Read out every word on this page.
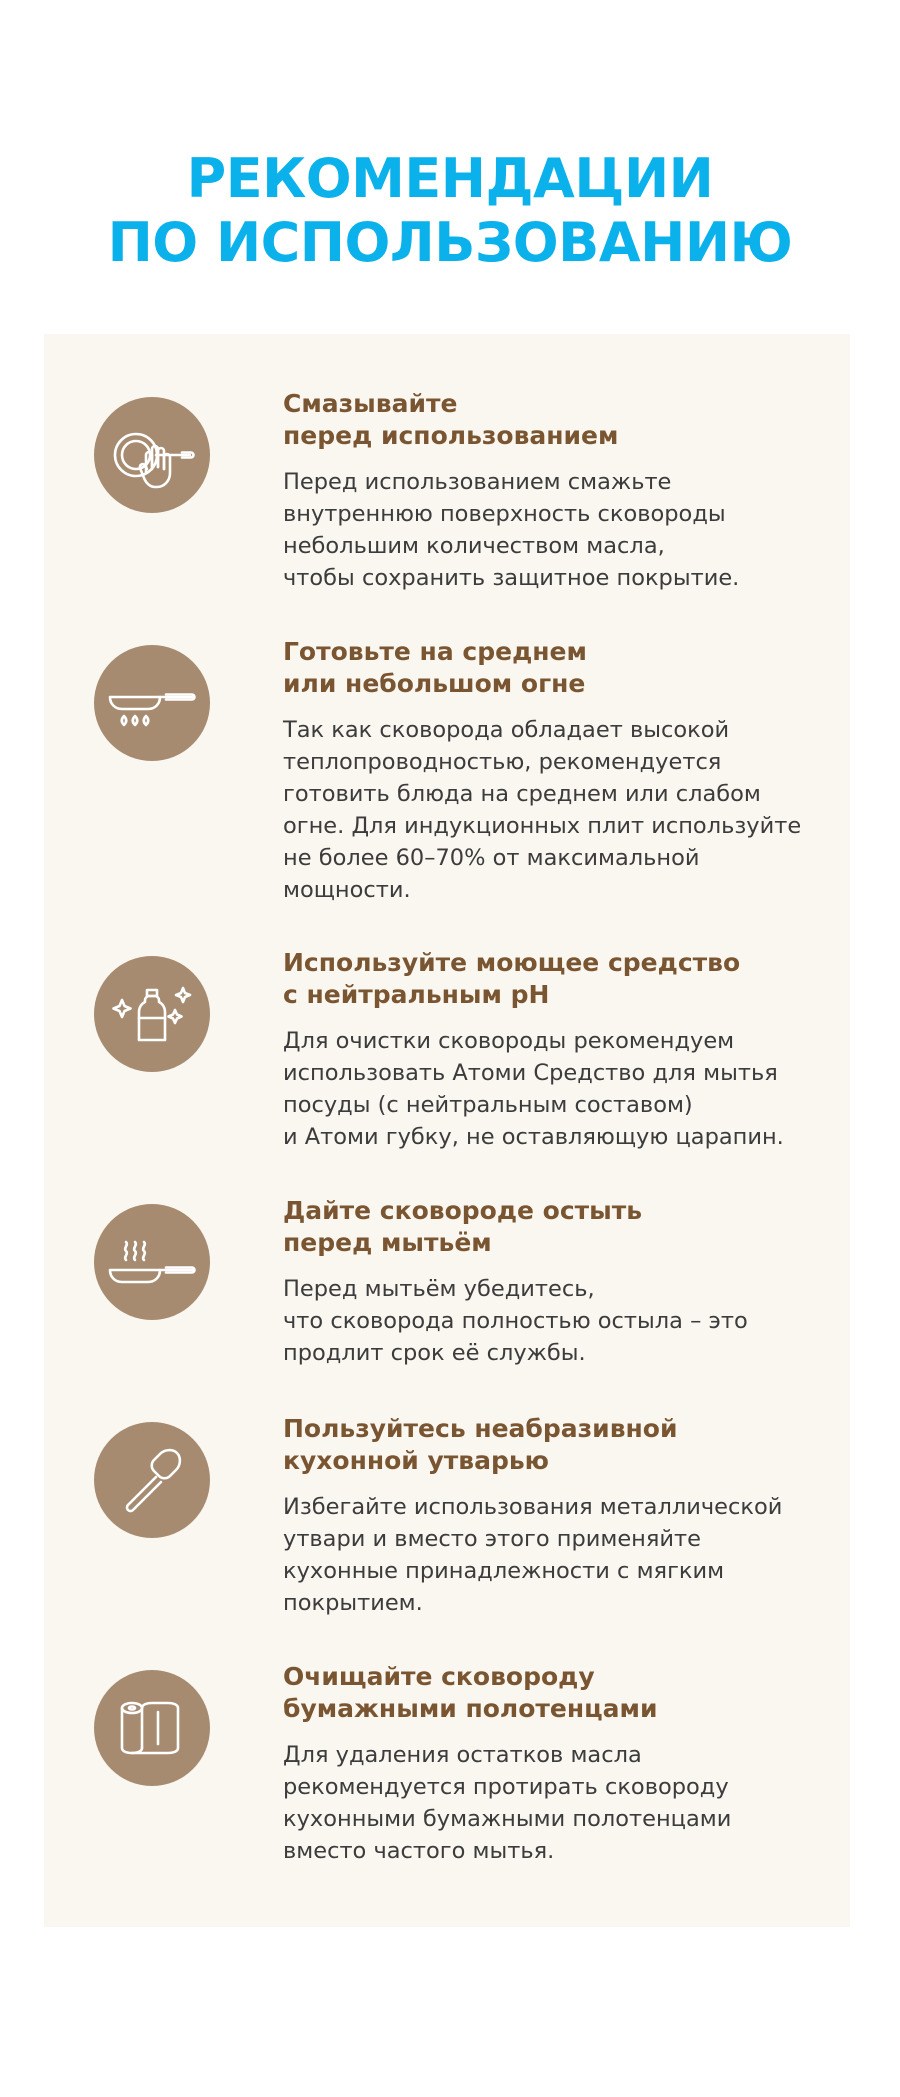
РЕКОМЕНДАЦИИ
ПО ИСПОЛЬЗОВАНИЮ
Смазывайте
перед использованием
Перед использованием смажьте
внутреннюю поверхность сковороды
небольшим количеством масла,
чтобы сохранить защитное покрытие.
Готовьте на среднем
или небольшом огне
Так как сковорода обладает высокой
теплопроводностью, рекомендуется
готовить блюда на среднем или слабом
огне. Для индукционных плит используйте
не более 60–70% от максимальной
мощности.
Используйте моющее средство
с нейтральным pH
Для очистки сковороды рекомендуем
использовать Атоми Средство для мытья
посуды (с нейтральным составом)
и Атоми губку, не оставляющую царапин.
Дайте сковороде остыть
перед мытьём
Перед мытьём убедитесь,
что сковорода полностью остыла – это
продлит срок её службы.
Пользуйтесь неабразивной
кухонной утварью
Избегайте использования металлической
утвари и вместо этого применяйте
кухонные принадлежности с мягким
покрытием.
Очищайте сковороду
бумажными полотенцами
Для удаления остатков масла
рекомендуется протирать сковороду
кухонными бумажными полотенцами
вместо частого мытья.
